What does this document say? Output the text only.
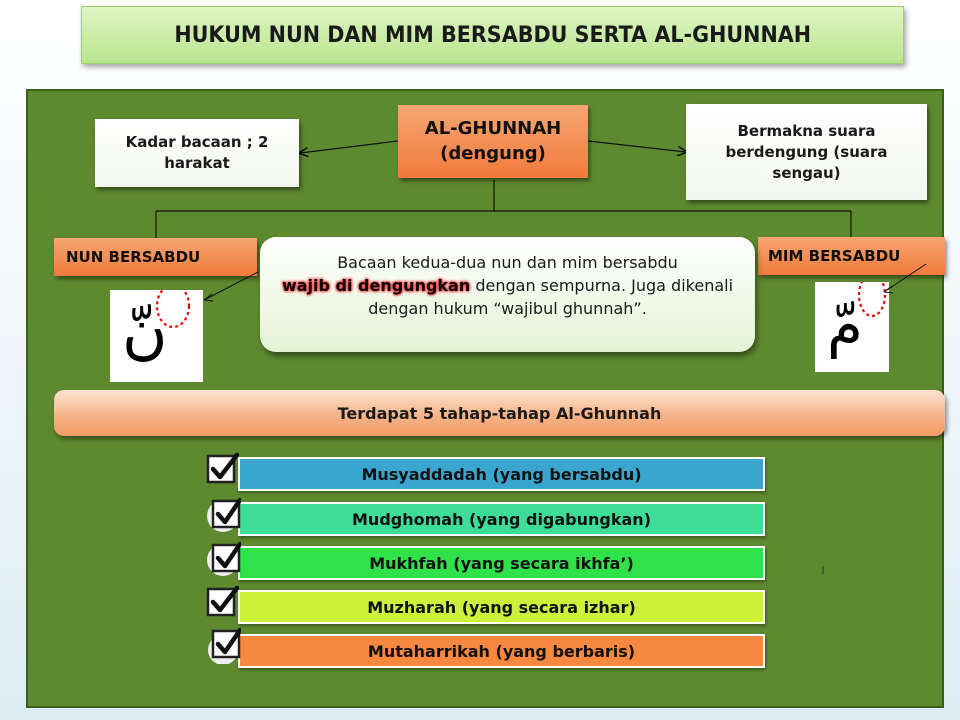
HUKUM NUN DAN MIM BERSABDU SERTA AL-GHUNNAH
Kadar bacaan ; 2 harakat
AL-GHUNNAH
(dengung)
Bermakna suara berdengung (suara sengau)
NUN BERSABDU	MIM BERSABDU
نّ	مّ
Bacaan kedua-dua nun dan mim bersabdu
wajib di dengungkan dengan sempurna. Juga dikenali dengan hukum “wajibul ghunnah”.
Terdapat 5 tahap-tahap Al-Ghunnah
Musyaddadah (yang bersabdu)
Mudghomah (yang digabungkan)
Mukhfah (yang secara ikhfa’)
Muzharah (yang secara izhar)
Mutaharrikah (yang berbaris)
